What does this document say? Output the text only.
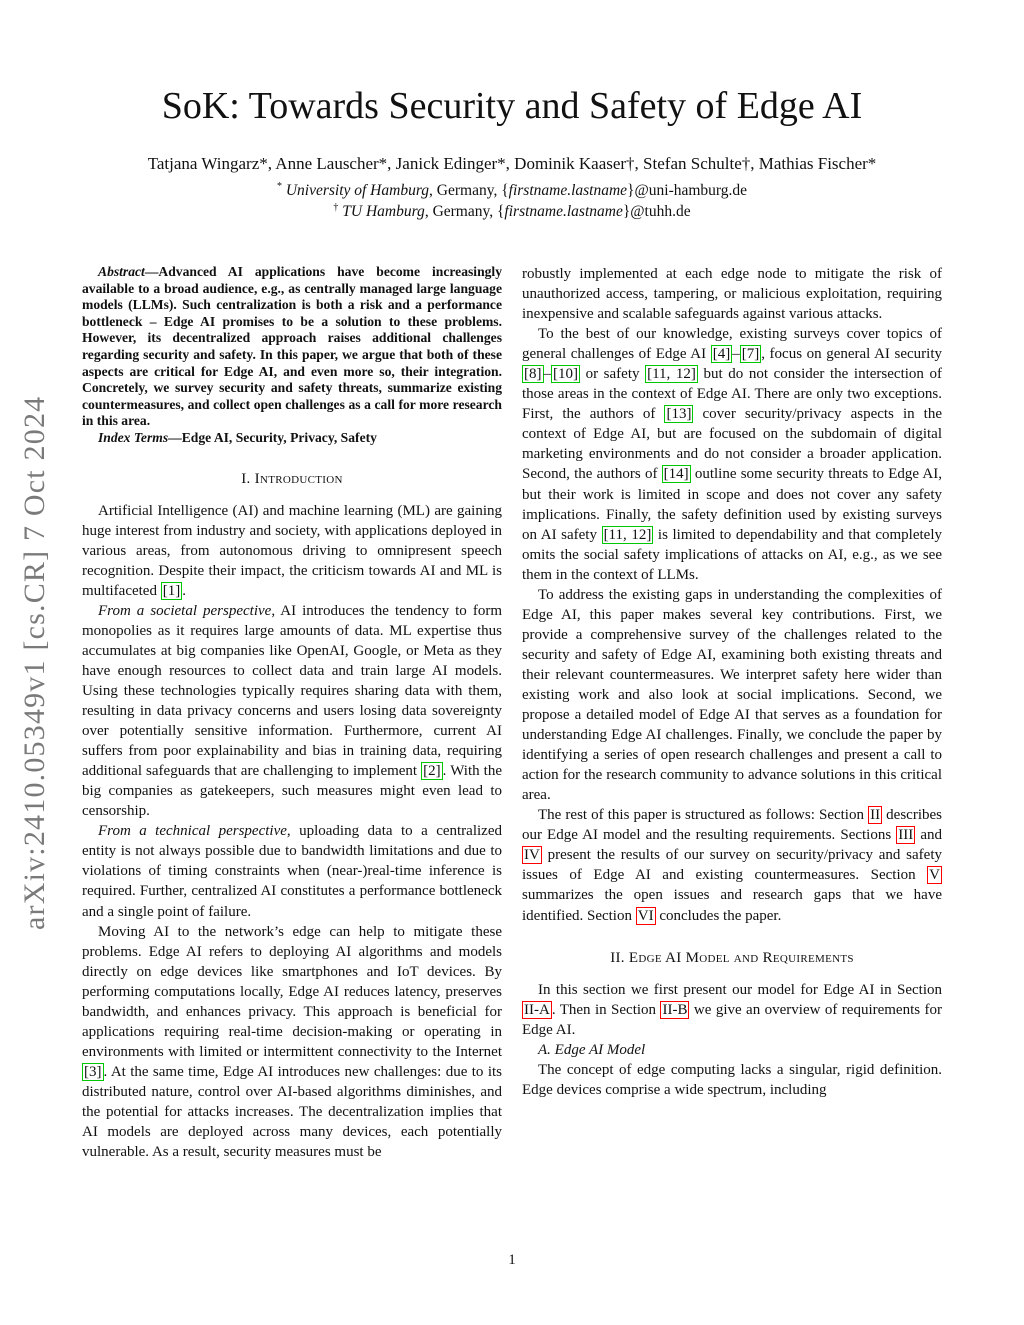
SoK: Towards Security and Safety of Edge AI
Tatjana Wingarz*, Anne Lauscher*, Janick Edinger*, Dominik Kaaser†, Stefan Schulte†, Mathias Fischer*
* University of Hamburg, Germany, {firstname.lastname}@uni-hamburg.de
† TU Hamburg, Germany, {firstname.lastname}@tuhh.de
arXiv:2410.05349v1 [cs.CR] 7 Oct 2024

Abstract—Advanced AI applications have become increasingly available to a broad audience, e.g., as centrally managed large language models (LLMs). Such centralization is both a risk and a performance bottleneck – Edge AI promises to be a solution to these problems. However, its decentralized approach raises additional challenges regarding security and safety. In this paper, we argue that both of these aspects are critical for Edge AI, and even more so, their integration. Concretely, we survey security and safety threats, summarize existing countermeasures, and collect open challenges as a call for more research in this area.

Index Terms—Edge AI, Security, Privacy, Safety

I. Introduction

Artificial Intelligence (AI) and machine learning (ML) are gaining huge interest from industry and society, with applications deployed in various areas, from autonomous driving to omnipresent speech recognition. Despite their impact, the criticism towards AI and ML is multifaceted [1] .

From a societal perspective, AI introduces the tendency to form monopolies as it requires large amounts of data. ML expertise thus accumulates at big companies like OpenAI, Google, or Meta as they have enough resources to collect data and train large AI models. Using these technologies typically requires sharing data with them, resulting in data privacy concerns and users losing data sovereignty over potentially sensitive information. Furthermore, current AI suffers from poor explainability and bias in training data, requiring additional safeguards that are challenging to implement [2] . With the big companies as gatekeepers, such measures might even lead to censorship.

From a technical perspective, uploading data to a centralized entity is not always possible due to bandwidth limitations and due to violations of timing constraints when (near-)real-time inference is required. Further, centralized AI constitutes a performance bottleneck and a single point of failure.

Moving AI to the network’s edge can help to mitigate these problems. Edge AI refers to deploying AI algorithms and models directly on edge devices like smartphones and IoT devices. By performing computations locally, Edge AI reduces latency, preserves bandwidth, and enhances privacy. This approach is beneficial for applications requiring real-time decision-making or operating in environments with limited or intermittent connectivity to the Internet [3] . At the same time, Edge AI introduces new challenges: due to its distributed nature, control over AI-based algorithms diminishes, and the potential for attacks increases. The decentralization implies that AI models are deployed across many devices, each potentially vulnerable. As a result, security measures must be

robustly implemented at each edge node to mitigate the risk of unauthorized access, tampering, or malicious exploitation, requiring inexpensive and scalable safeguards against various attacks.

To the best of our knowledge, existing surveys cover topics of general challenges of Edge AI [4] – [7] , focus on general AI security [8] – [10] or safety [11, 12] but do not consider the intersection of those areas in the context of Edge AI. There are only two exceptions. First, the authors of [13] cover security/privacy aspects in the context of Edge AI, but are focused on the subdomain of digital marketing environments and do not consider a broader application. Second, the authors of [14] outline some security threats to Edge AI, but their work is limited in scope and does not cover any safety implications. Finally, the safety definition used by existing surveys on AI safety [11, 12] is limited to dependability and that completely omits the social safety implications of attacks on AI, e.g., as we see them in the context of LLMs.

To address the existing gaps in understanding the complexities of Edge AI, this paper makes several key contributions. First, we provide a comprehensive survey of the challenges related to the security and safety of Edge AI, examining both existing threats and their relevant countermeasures. We interpret safety here wider than existing work and also look at social implications. Second, we propose a detailed model of Edge AI that serves as a foundation for understanding Edge AI challenges. Finally, we conclude the paper by identifying a series of open research challenges and present a call to action for the research community to advance solutions in this critical area.

The rest of this paper is structured as follows: Section II describes our Edge AI model and the resulting requirements. Sections III and IV present the results of our survey on security/privacy and safety issues of Edge AI and existing countermeasures. Section V summarizes the open issues and research gaps that we have identified. Section VI concludes the paper.

II. Edge AI Model and Requirements

In this section we first present our model for Edge AI in Section II-A . Then in Section II-B we give an overview of requirements for Edge AI.

A. Edge AI Model

The concept of edge computing lacks a singular, rigid definition. Edge devices comprise a wide spectrum, including

1
